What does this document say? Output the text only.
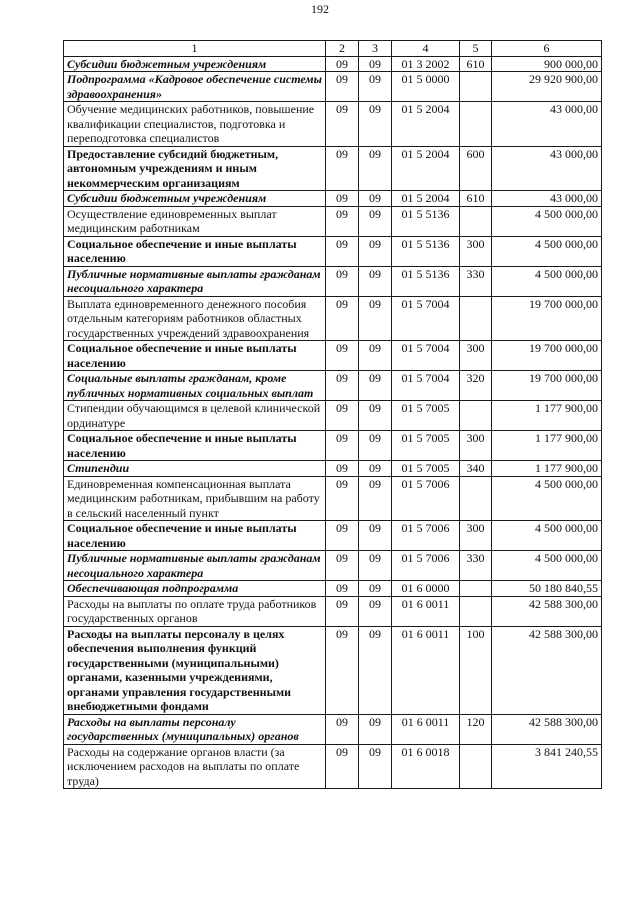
192
1	2	3	4	5	6
Субсидии бюджетным учреждениям	09	09	01 3 2002	610	900 000,00
Подпрограмма «Кадровое обеспечение системы здравоохранения»	09	09	01 5 0000		29 920 900,00
Обучение медицинских работников, повышение квалификации специалистов, подготовка и переподготовка специалистов	09	09	01 5 2004		43 000,00
Предоставление субсидий бюджетным, автономным учреждениям и иным некоммерческим организациям	09	09	01 5 2004	600	43 000,00
Субсидии бюджетным учреждениям	09	09	01 5 2004	610	43 000,00
Осуществление единовременных выплат медицинским работникам	09	09	01 5 5136		4 500 000,00
Социальное обеспечение и иные выплаты населению	09	09	01 5 5136	300	4 500 000,00
Публичные нормативные выплаты гражданам несоциального характера	09	09	01 5 5136	330	4 500 000,00
Выплата единовременного денежного пособия отдельным категориям работников областных государственных учреждений здравоохранения	09	09	01 5 7004		19 700 000,00
Социальное обеспечение и иные выплаты населению	09	09	01 5 7004	300	19 700 000,00
Социальные выплаты гражданам, кроме публичных нормативных социальных выплат	09	09	01 5 7004	320	19 700 000,00
Стипендии обучающимся в целевой клинической ординатуре	09	09	01 5 7005		1 177 900,00
Социальное обеспечение и иные выплаты населению	09	09	01 5 7005	300	1 177 900,00
Стипендии	09	09	01 5 7005	340	1 177 900,00
Единовременная компенсационная выплата медицинским работникам, прибывшим на работу в сельский населенный пункт	09	09	01 5 7006		4 500 000,00
Социальное обеспечение и иные выплаты населению	09	09	01 5 7006	300	4 500 000,00
Публичные нормативные выплаты гражданам несоциального характера	09	09	01 5 7006	330	4 500 000,00
Обеспечивающая подпрограмма	09	09	01 6 0000		50 180 840,55
Расходы на выплаты по оплате труда работников государственных органов	09	09	01 6 0011		42 588 300,00
Расходы на выплаты персоналу в целях обеспечения выполнения функций государственными (муниципальными) органами, казенными учреждениями, органами управления государственными внебюджетными фондами	09	09	01 6 0011	100	42 588 300,00
Расходы на выплаты персоналу государственных (муниципальных) органов	09	09	01 6 0011	120	42 588 300,00
Расходы на содержание органов власти (за исключением расходов на выплаты по оплате труда)	09	09	01 6 0018		3 841 240,55
